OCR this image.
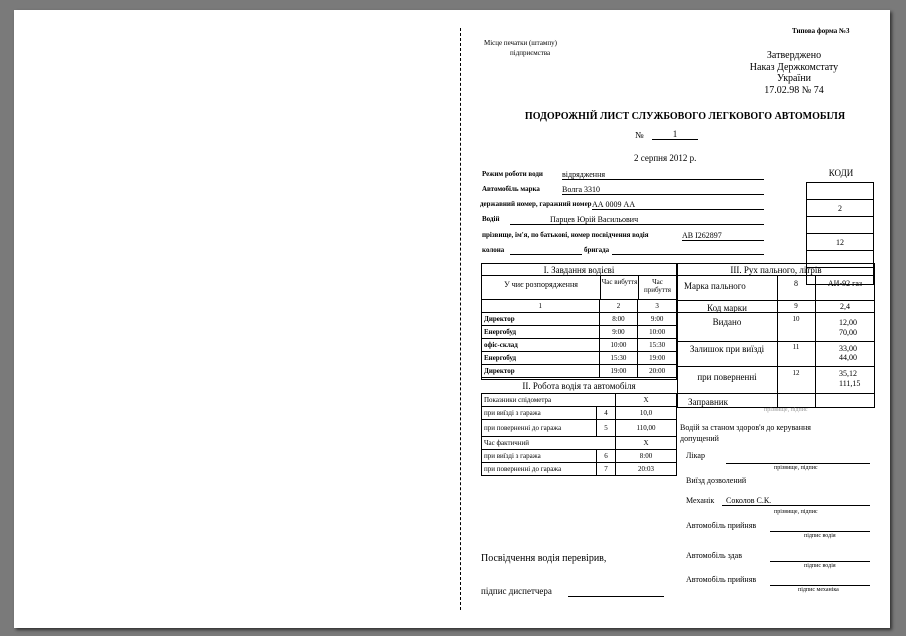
Типова форма №3
Місце печатки (штампу)
підприємства	Затверджено
Наказ Держкомстату
України
17.02.98 № 74
ПОДОРОЖНІЙ ЛИСТ СЛУЖБОВОГО ЛЕГКОВОГО АВТОМОБІЛЯ
№	1
2 серпня 2012 р.
Режим роботи води відрядження
Автомобіль марка	Волга 3310
державний номер, гаражний номер АА 0009 АА
Водій	Парцев Юрій Васильович
прізвище, ім'я, по батькові, номер посвідчення водія	АВ І262897
колона	бригада
КОДИ

2

12

І. Завдання водієві
У чиє розпорядження	Час вибуття	Час прибуття
1	2	3
Директор	8:00	9:00
Енергобуд	9:00	10:00
офіс-склад	10:00	15:30
Енергобуд	15:30	19:00
Директор	19:00	20:00
ІІ. Робота водія та автомобіля
Показники спідометра		X
при виїзді з гаража	4	10,0
при поверненні до гаража	5	110,00
Час фактичний		X
при виїзді з гаража	6	8:00
при поверненні до гаража	7	20:03
ІІІ. Рух пального, літрів
Марка пального	8	АИ-92 газ
Код марки	9	2,4
Видано	10	12,00
70,00
Залишок при виїзді	11	33,00
44,00
при поверненні	12	35,12
111,15
Заправник
прізвище, підпис
Водій за станом здоров'я до керування
допущений
Лікар
прізвище, підпис
Виїзд дозволений
Механік	Соколов С.К.
прізвище, підпис
Автомобіль прийняв
підпис водія
Автомобіль здав
підпис водія
Автомобіль прийняв
підпис механіка
Посвідчення водія перевірив,
підпис диспетчера
